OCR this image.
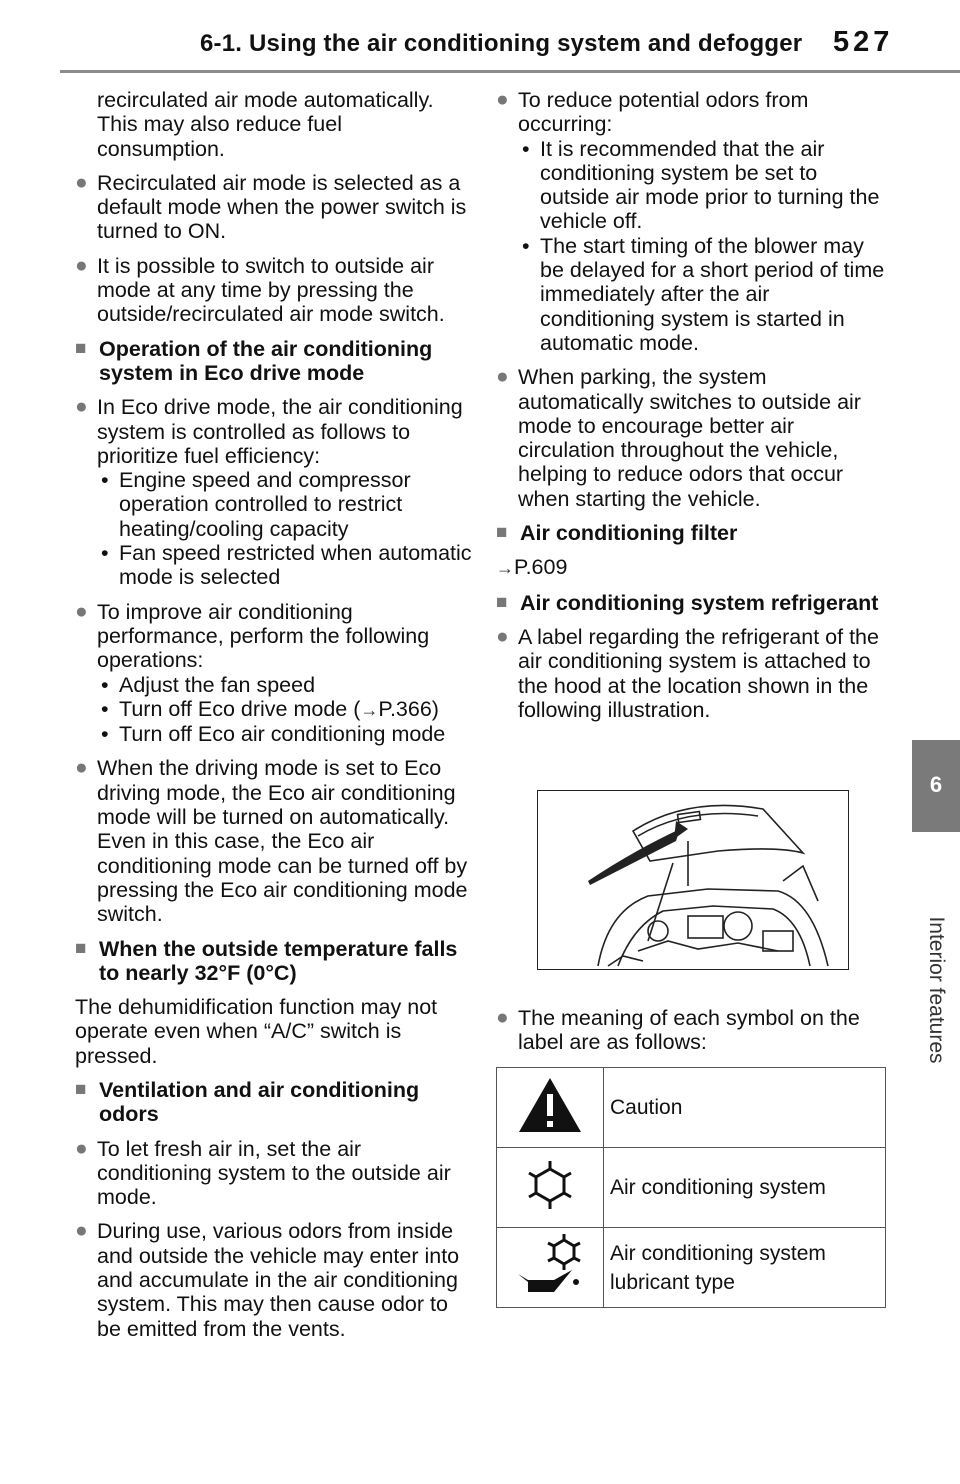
6-1. Using the air conditioning system and defogger 527
6
Interior features

recirculated air mode automatically. This may also reduce fuel consumption.

● Recirculated air mode is selected as a default mode when the power switch is turned to ON.
● It is possible to switch to outside air mode at any time by pressing the outside/recirculated air mode switch.
■ Operation of the air conditioning system in Eco drive mode
● In Eco drive mode, the air conditioning system is controlled as follows to prioritize fuel efficiency:
• Engine speed and compressor operation controlled to restrict heating/cooling capacity
• Fan speed restricted when automatic mode is selected
● To improve air conditioning performance, perform the following operations:
• Adjust the fan speed
• Turn off Eco drive mode (→P.366)
• Turn off Eco air conditioning mode
● When the driving mode is set to Eco driving mode, the Eco air conditioning mode will be turned on automatically. Even in this case, the Eco air conditioning mode can be turned off by pressing the Eco air conditioning mode switch.
■ When the outside temperature falls to nearly 32°F (0°C)

The dehumidification function may not operate even when “A/C” switch is pressed.

■ Ventilation and air conditioning odors
● To let fresh air in, set the air conditioning system to the outside air mode.
● During use, various odors from inside and outside the vehicle may enter into and accumulate in the air conditioning system. This may then cause odor to be emitted from the vents.
● To reduce potential odors from occurring:
• It is recommended that the air conditioning system be set to outside air mode prior to turning the vehicle off.
• The start timing of the blower may be delayed for a short period of time immediately after the air conditioning system is started in automatic mode.
● When parking, the system automatically switches to outside air mode to encourage better air circulation throughout the vehicle, helping to reduce odors that occur when starting the vehicle.
■ Air conditioning filter
→P.609
■ Air conditioning system refrigerant
● A label regarding the refrigerant of the air conditioning system is attached to the hood at the location shown in the following illustration.
● The meaning of each symbol on the label are as follows:
	Caution
	Air conditioning system
	Air conditioning system lubricant type
